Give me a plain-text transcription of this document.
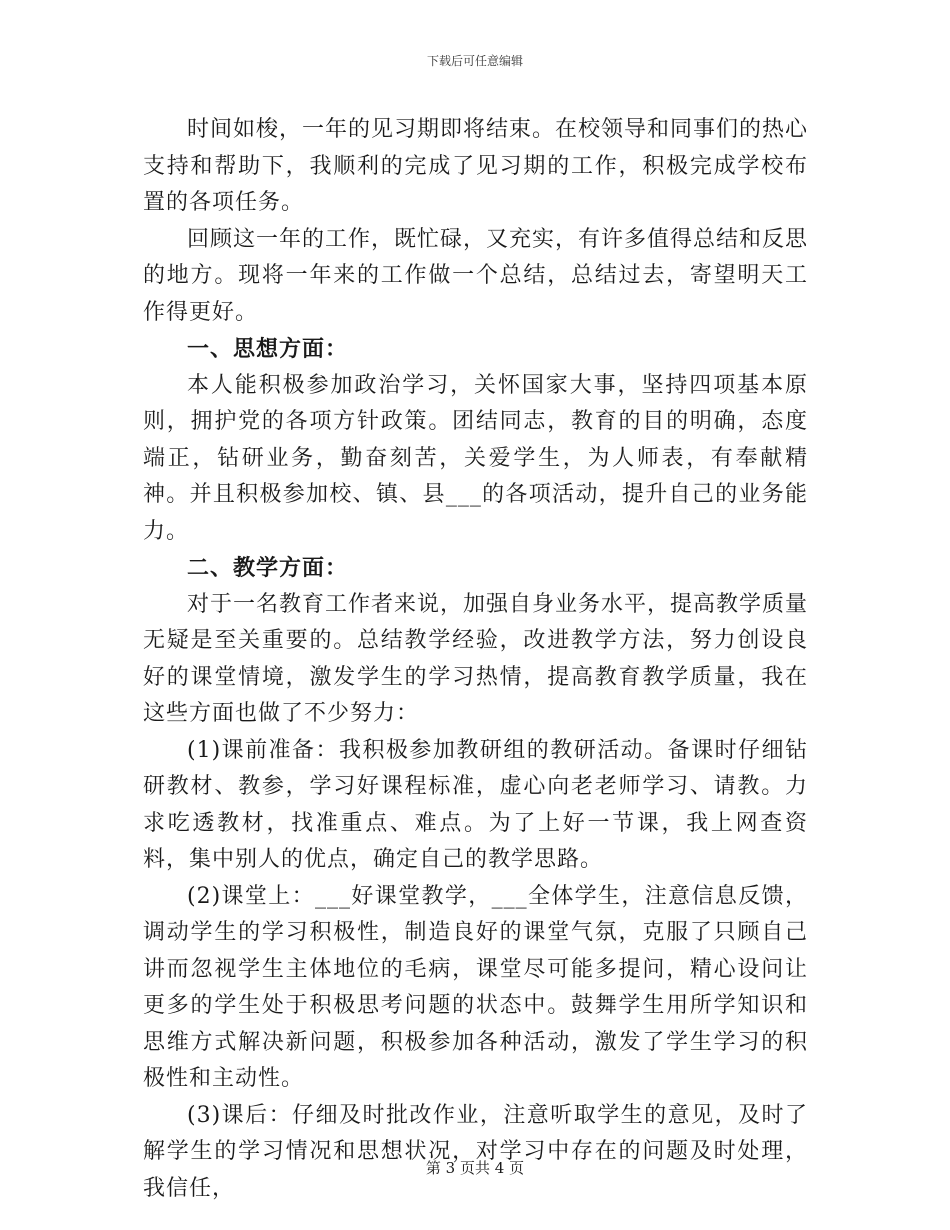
下载后可任意编辑

时间如梭，一年的见习期即将结束。在校领导和同事们的热心支持和帮助下，我顺利的完成了见习期的工作，积极完成学校布置的各项任务。

回顾这一年的工作，既忙碌，又充实，有许多值得总结和反思的地方。现将一年来的工作做一个总结，总结过去，寄望明天工作得更好。

一、思想方面：

本人能积极参加政治学习，关怀国家大事，坚持四项基本原则，拥护党的各项方针政策。团结同志，教育的目的明确，态度端正，钻研业务，勤奋刻苦，关爱学生，为人师表，有奉献精神。并且积极参加校、镇、县___的各项活动，提升自己的业务能力。

二、教学方面：

对于一名教育工作者来说，加强自身业务水平，提高教学质量无疑是至关重要的。总结教学经验，改进教学方法，努力创设良好的课堂情境，激发学生的学习热情，提高教育教学质量，我在这些方面也做了不少努力：

(1)课前准备：我积极参加教研组的教研活动。备课时仔细钻研教材、教参，学习好课程标准，虚心向老老师学习、请教。力求吃透教材，找准重点、难点。为了上好一节课，我上网查资料，集中别人的优点，确定自己的教学思路。

(2)课堂上：___好课堂教学，___全体学生，注意信息反馈，调动学生的学习积极性，制造良好的课堂气氛，克服了只顾自己讲而忽视学生主体地位的毛病，课堂尽可能多提问，精心设问让更多的学生处于积极思考问题的状态中。鼓舞学生用所学知识和思维方式解决新问题，积极参加各种活动，激发了学生学习的积极性和主动性。

(3)课后：仔细及时批改作业，注意听取学生的意见，及时了解学生的学习情况和思想状况，对学习中存在的问题及时处理，我信任，

第 3 页共 4 页
